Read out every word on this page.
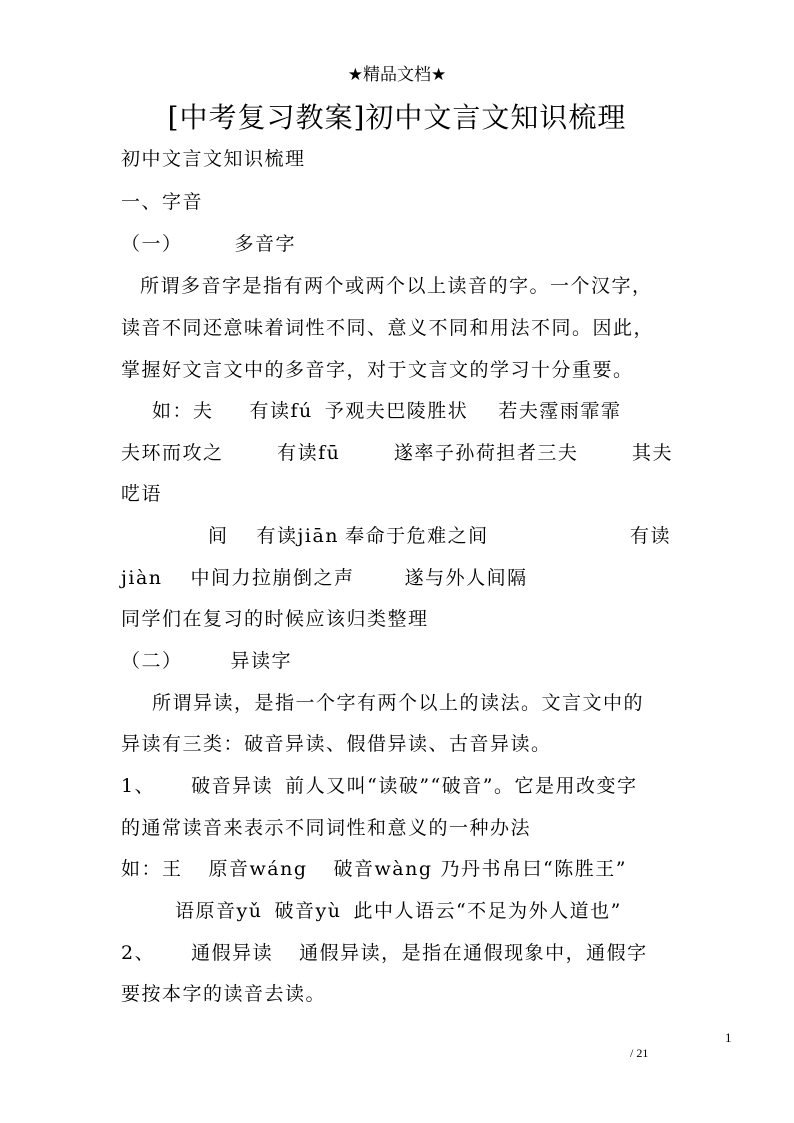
★精品文档★
[中考复习教案]初中文言文知识梳理
初中文言文知识梳理
一、字音
（一）	多音字
所谓多音字是指有两个或两个以上读音的字。一个汉字，
读音不同还意味着词性不同、意义不同和用法不同。因此，
掌握好文言文中的多音字，对于文言文的学习十分重要。
如：夫 有读fú 予观夫巴陵胜状 若夫霪雨霏霏
夫环而攻之	有读fū	遂率子孙荷担者三夫	其夫
呓语
间 有读jiān 奉命于危难之间	有读
jiàn 中间力拉崩倒之声	遂与外人间隔
同学们在复习的时候应该归类整理
（二）	异读字
所谓异读，是指一个字有两个以上的读法。文言文中的
异读有三类：破音异读、假借异读、古音异读。
1、 破音异读 前人又叫“读破”“破音”。它是用改变字
的通常读音来表示不同词性和意义的一种办法
如：王 原音wáng 破音wàng 乃丹书帛曰“陈胜王”
语原音yǔ 破音yù 此中人语云“不足为外人道也”
2、 通假异读 通假异读，是指在通假现象中，通假字
要按本字的读音去读。
1
/ 21
